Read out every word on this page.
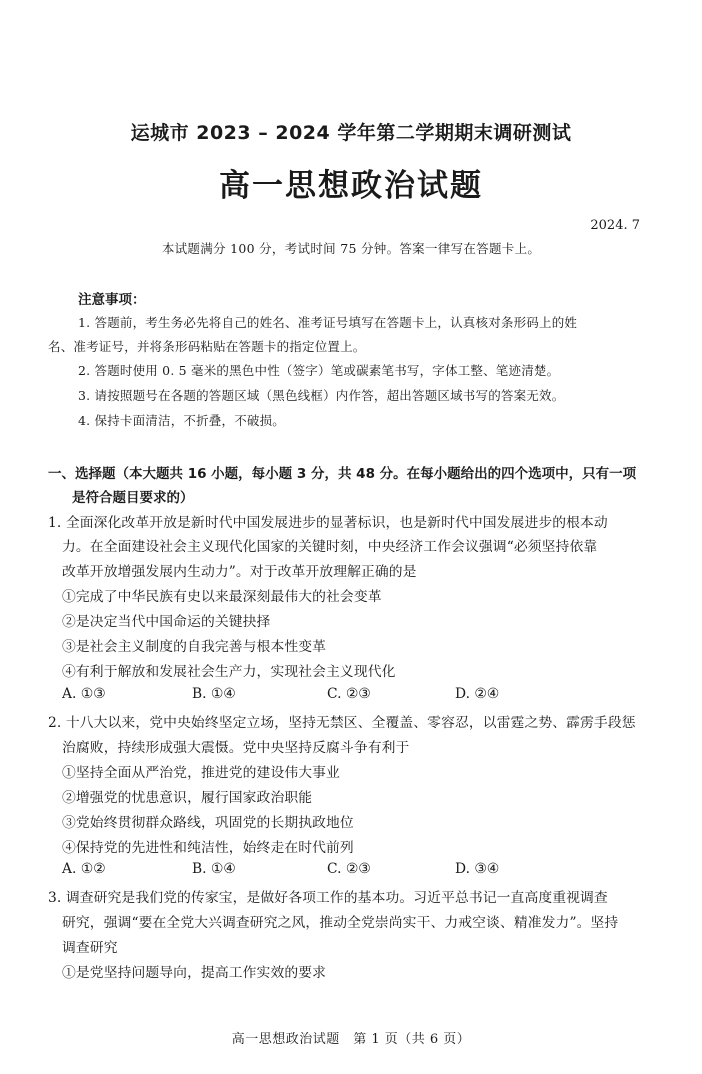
运城市 2023 – 2024 学年第二学期期末调研测试
高一思想政治试题
2024. 7
本试题满分 100 分，考试时间 75 分钟。答案一律写在答题卡上。
注意事项：
1. 答题前，考生务必先将自己的姓名、准考证号填写在答题卡上，认真核对条形码上的姓
名、准考证号，并将条形码粘贴在答题卡的指定位置上。
2. 答题时使用 0. 5 毫米的黑色中性（签字）笔或碳素笔书写，字体工整、笔迹清楚。
3. 请按照题号在各题的答题区域（黑色线框）内作答，超出答题区域书写的答案无效。
4. 保持卡面清洁，不折叠，不破损。
一、选择题（本大题共 16 小题，每小题 3 分，共 48 分。在每小题给出的四个选项中，只有一项
是符合题目要求的）
1. 全面深化改革开放是新时代中国发展进步的显著标识，也是新时代中国发展进步的根本动
力。在全面建设社会主义现代化国家的关键时刻，中央经济工作会议强调“必须坚持依靠
改革开放增强发展内生动力”。对于改革开放理解正确的是
①完成了中华民族有史以来最深刻最伟大的社会变革
②是决定当代中国命运的关键抉择
③是社会主义制度的自我完善与根本性变革
④有利于解放和发展社会生产力，实现社会主义现代化
A. ①③	B. ①④	C. ②③	D. ②④
2. 十八大以来，党中央始终坚定立场，坚持无禁区、全覆盖、零容忍，以雷霆之势、霹雳手段惩
治腐败，持续形成强大震慑。党中央坚持反腐斗争有利于
①坚持全面从严治党，推进党的建设伟大事业
②增强党的忧患意识，履行国家政治职能
③党始终贯彻群众路线，巩固党的长期执政地位
④保持党的先进性和纯洁性，始终走在时代前列
A. ①②	B. ①④	C. ②③	D. ③④
3. 调查研究是我们党的传家宝，是做好各项工作的基本功。习近平总书记一直高度重视调查
研究，强调“要在全党大兴调查研究之风，推动全党崇尚实干、力戒空谈、精准发力”。坚持
调查研究
①是党坚持问题导向，提高工作实效的要求
高一思想政治试题　第 1 页（共 6 页）
